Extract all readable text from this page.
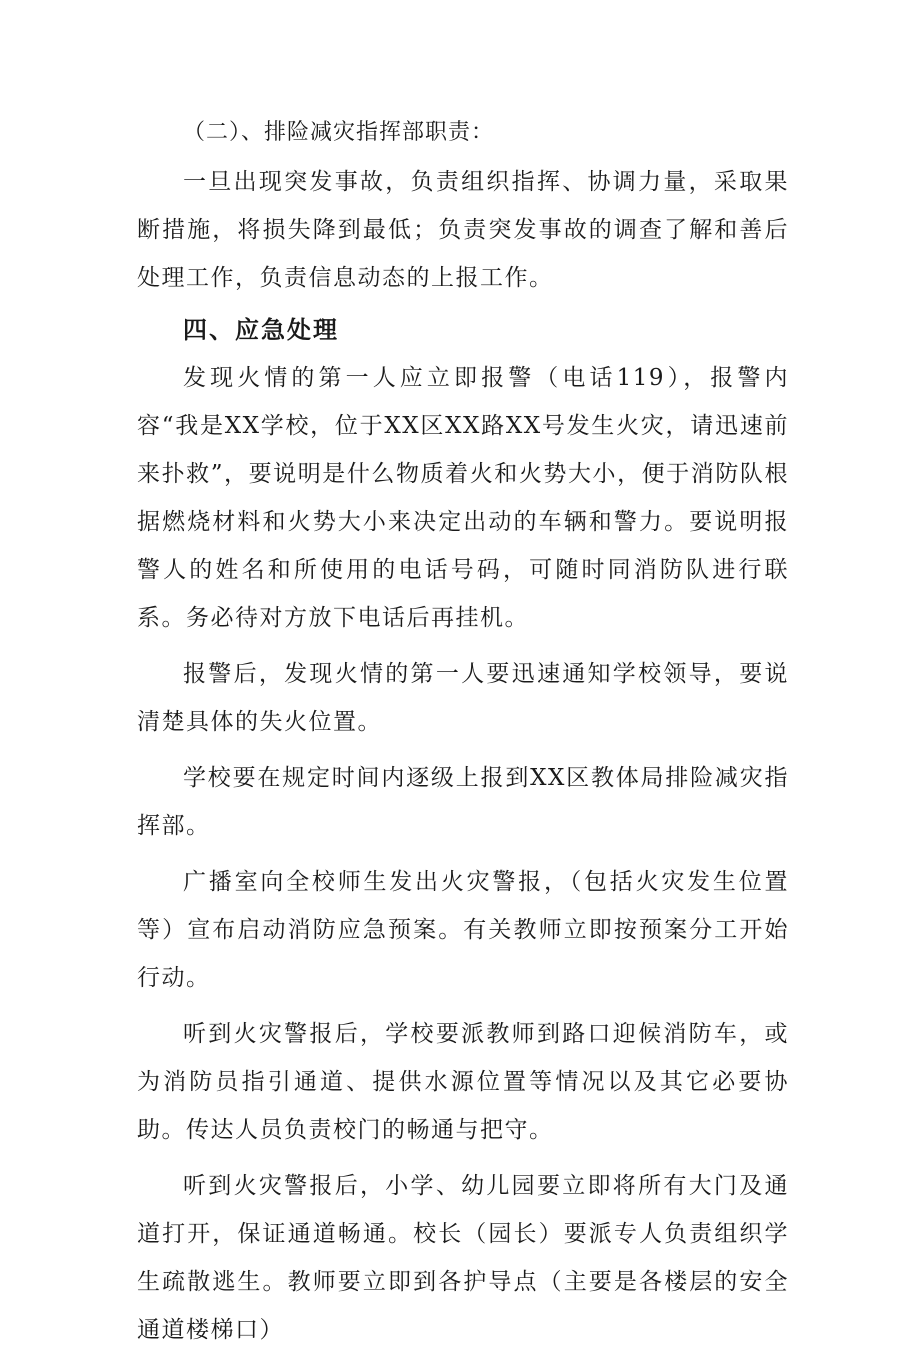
（二）、排险减灾指挥部职责：

一旦出现突发事故，负责组织指挥、协调力量，采取果断措施，将损失降到最低；负责突发事故的调查了解和善后处理工作，负责信息动态的上报工作。

四、应急处理

发现火情的第一人应立即报警（电话119），报警内容“我是XX学校，位于XX区XX路XX号发生火灾，请迅速前来扑救”，要说明是什么物质着火和火势大小，便于消防队根据燃烧材料和火势大小来决定出动的车辆和警力。要说明报警人的姓名和所使用的电话号码，可随时同消防队进行联系。务必待对方放下电话后再挂机。

报警后，发现火情的第一人要迅速通知学校领导，要说清楚具体的失火位置。

学校要在规定时间内逐级上报到XX区教体局排险减灾指挥部。

广播室向全校师生发出火灾警报，（包括火灾发生位置等）宣布启动消防应急预案。有关教师立即按预案分工开始行动。

听到火灾警报后，学校要派教师到路口迎候消防车，或为消防员指引通道、提供水源位置等情况以及其它必要协助。传达人员负责校门的畅通与把守。

听到火灾警报后，小学、幼儿园要立即将所有大门及通道打开，保证通道畅通。校长（园长）要派专人负责组织学生疏散逃生。教师要立即到各护导点（主要是各楼层的安全通道楼梯口）
